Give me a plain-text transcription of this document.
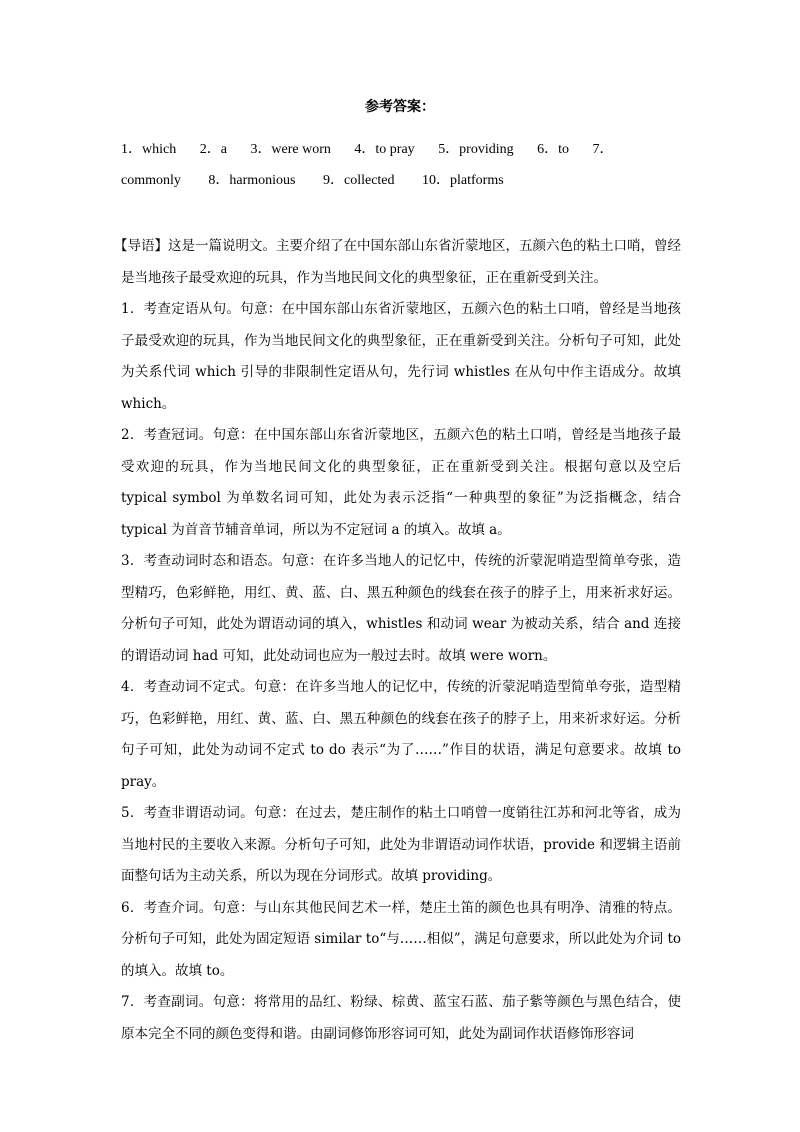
参考答案：
1．which 2．a 3．were worn 4．to pray 5．providing 6．to 7．
commonly 8．harmonious 9．collected 10．platforms

【导语】这是一篇说明文。主要介绍了在中国东部山东省沂蒙地区，五颜六色的粘土口哨，曾经是当地孩子最受欢迎的玩具，作为当地民间文化的典型象征，正在重新受到关注。

1．考查定语从句。句意：在中国东部山东省沂蒙地区，五颜六色的粘土口哨，曾经是当地孩子最受欢迎的玩具，作为当地民间文化的典型象征，正在重新受到关注。分析句子可知，此处为关系代词 which 引导的非限制性定语从句，先行词 whistles 在从句中作主语成分。故填 which。

2．考查冠词。句意：在中国东部山东省沂蒙地区，五颜六色的粘土口哨，曾经是当地孩子最受欢迎的玩具，作为当地民间文化的典型象征，正在重新受到关注。根据句意以及空后 typical symbol 为单数名词可知，此处为表示泛指“一种典型的象征”为泛指概念，结合 typical 为首音节辅音单词，所以为不定冠词 a 的填入。故填 a。

3．考查动词时态和语态。句意：在许多当地人的记忆中，传统的沂蒙泥哨造型简单夸张，造型精巧，色彩鲜艳，用红、黄、蓝、白、黑五种颜色的线套在孩子的脖子上，用来祈求好运。分析句子可知，此处为谓语动词的填入，whistles 和动词 wear 为被动关系，结合 and 连接的谓语动词 had 可知，此处动词也应为一般过去时。故填 were worn。

4．考查动词不定式。句意：在许多当地人的记忆中，传统的沂蒙泥哨造型简单夸张，造型精巧，色彩鲜艳，用红、黄、蓝、白、黑五种颜色的线套在孩子的脖子上，用来祈求好运。分析句子可知，此处为动词不定式 to do 表示“为了……”作目的状语，满足句意要求。故填 to pray。

5．考查非谓语动词。句意：在过去，楚庄制作的粘土口哨曾一度销往江苏和河北等省，成为当地村民的主要收入来源。分析句子可知，此处为非谓语动词作状语，provide 和逻辑主语前面整句话为主动关系，所以为现在分词形式。故填 providing。

6．考查介词。句意：与山东其他民间艺术一样，楚庄土笛的颜色也具有明净、清雅的特点。分析句子可知，此处为固定短语 similar to“与……相似”，满足句意要求，所以此处为介词 to 的填入。故填 to。

7．考查副词。句意：将常用的品红、粉绿、棕黄、蓝宝石蓝、茄子紫等颜色与黑色结合，使原本完全不同的颜色变得和谐。由副词修饰形容词可知，此处为副词作状语修饰形容词
